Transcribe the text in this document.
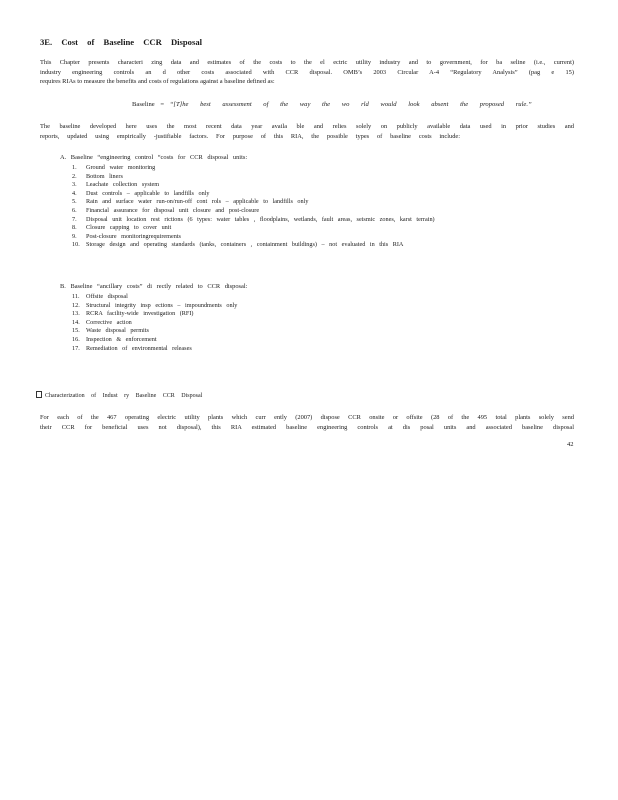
3E. Cost of Baseline CCR Disposal
This Chapter presents characteri zing data and estimates of the costs to the el ectric utility industry and to government, for ba seline (i.e., current)
industry engineering controls an d other costs associated with CCR disposal. OMB’s 2003 Circular A-4 “Regulatory Analysis” (pag e 15)
requires RIAs to measure the benefits and costs of regulations against a baseline defined as:
Baseline = “[T]he best assessment of the way the wo rld would look absent the proposed rule.”
The baseline developed here uses the most recent data year availa ble and relies solely on publicly available data used in prior studies and
reports, updated using empirically -justifiable factors. For purpose of this RIA, the possible types of baseline costs include:
A. Baseline “engineering control “costs for CCR disposal units:
1. Ground water monitoring
2. Bottom liners
3. Leachate collection system
4. Dust controls – applicable to landfills only
5. Rain and surface water run-on/run-off cont rols – applicable to landfills only
6. Financial assurance for disposal unit closure and post-closure
7. Disposal unit location rest rictions (6 types: water tables , floodplains, wetlands, fault areas, seismic zones, karst terrain)
8. Closure capping to cover unit
9. Post-closure monitoringrequirements
10. Storage design and operating standards (tanks, containers , containment buildings) – not evaluated in this RIA
B. Baseline “ancillary costs” di rectly related to CCR disposal:
11. Offsite disposal
12. Structural integrity insp ections – impoundments only
13. RCRA facility-wide investigation (RFI)
14. Corrective action
15. Waste disposal permits
16. Inspection & enforcement
17. Remediation of environmental releases
Characterization of Indust ry Baseline CCR Disposal
For each of the 467 operating electric utility plants which curr ently (2007) dispose CCR onsite or offsite (28 of the 495 total plants solely send
their CCR for beneficial uses not disposal), this RIA estimated baseline engineering controls at dis posal units and associated baseline disposal
42
